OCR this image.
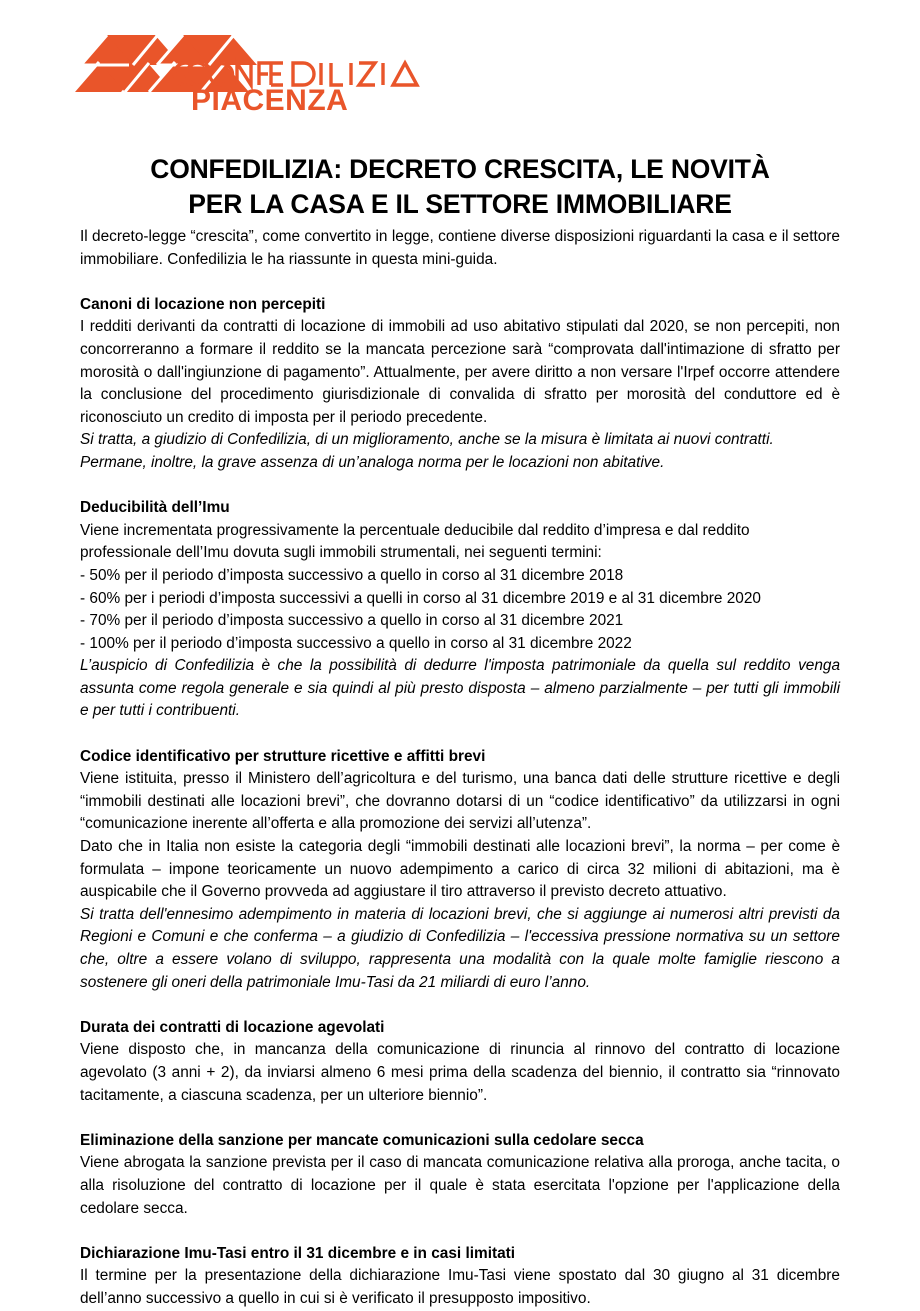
PIACENZA
CONFEDILIZIA: DECRETO CRESCITA, LE NOVITÀ
PER LA CASA E IL SETTORE IMMOBILIARE

Il decreto-legge “crescita”, come convertito in legge, contiene diverse disposizioni riguardanti la casa e il settore immobiliare. Confedilizia le ha riassunte in questa mini-guida.

Canoni di locazione non percepiti

I redditi derivanti da contratti di locazione di immobili ad uso abitativo stipulati dal 2020, se non percepiti, non concorreranno a formare il reddito se la mancata percezione sarà “comprovata dall'intimazione di sfratto per morosità o dall'ingiunzione di pagamento”. Attualmente, per avere diritto a non versare l'Irpef occorre attendere la conclusione del procedimento giurisdizionale di convalida di sfratto per morosità del conduttore ed è riconosciuto un credito di imposta per il periodo precedente.

Si tratta, a giudizio di Confedilizia, di un miglioramento, anche se la misura è limitata ai nuovi contratti. Permane, inoltre, la grave assenza di un’analoga norma per le locazioni non abitative.

Deducibilità dell’Imu

Viene incrementata progressivamente la percentuale deducibile dal reddito d’impresa e dal reddito professionale dell’Imu dovuta sugli immobili strumentali, nei seguenti termini:

- 50% per il periodo d’imposta successivo a quello in corso al 31 dicembre 2018

- 60% per i periodi d’imposta successivi a quelli in corso al 31 dicembre 2019 e al 31 dicembre 2020

- 70% per il periodo d’imposta successivo a quello in corso al 31 dicembre 2021

- 100% per il periodo d’imposta successivo a quello in corso al 31 dicembre 2022

L’auspicio di Confedilizia è che la possibilità di dedurre l'imposta patrimoniale da quella sul reddito venga assunta come regola generale e sia quindi al più presto disposta – almeno parzialmente – per tutti gli immobili e per tutti i contribuenti.

Codice identificativo per strutture ricettive e affitti brevi

Viene istituita, presso il Ministero dell’agricoltura e del turismo, una banca dati delle strutture ricettive e degli “immobili destinati alle locazioni brevi”, che dovranno dotarsi di un “codice identificativo” da utilizzarsi in ogni “comunicazione inerente all’offerta e alla promozione dei servizi all’utenza”.

Dato che in Italia non esiste la categoria degli “immobili destinati alle locazioni brevi”, la norma – per come è formulata – impone teoricamente un nuovo adempimento a carico di circa 32 milioni di abitazioni, ma è auspicabile che il Governo provveda ad aggiustare il tiro attraverso il previsto decreto attuativo.

Si tratta dell'ennesimo adempimento in materia di locazioni brevi, che si aggiunge ai numerosi altri previsti da Regioni e Comuni e che conferma – a giudizio di Confedilizia – l'eccessiva pressione normativa su un settore che, oltre a essere volano di sviluppo, rappresenta una modalità con la quale molte famiglie riescono a sostenere gli oneri della patrimoniale Imu-Tasi da 21 miliardi di euro l’anno.

Durata dei contratti di locazione agevolati

Viene disposto che, in mancanza della comunicazione di rinuncia al rinnovo del contratto di locazione agevolato (3 anni + 2), da inviarsi almeno 6 mesi prima della scadenza del biennio, il contratto sia “rinnovato tacitamente, a ciascuna scadenza, per un ulteriore biennio”.

Eliminazione della sanzione per mancate comunicazioni sulla cedolare secca

Viene abrogata la sanzione prevista per il caso di mancata comunicazione relativa alla proroga, anche tacita, o alla risoluzione del contratto di locazione per il quale è stata esercitata l'opzione per l'applicazione della cedolare secca.

Dichiarazione Imu-Tasi entro il 31 dicembre e in casi limitati

Il termine per la presentazione della dichiarazione Imu-Tasi viene spostato dal 30 giugno al 31 dicembre dell’anno successivo a quello in cui si è verificato il presupposto impositivo.
